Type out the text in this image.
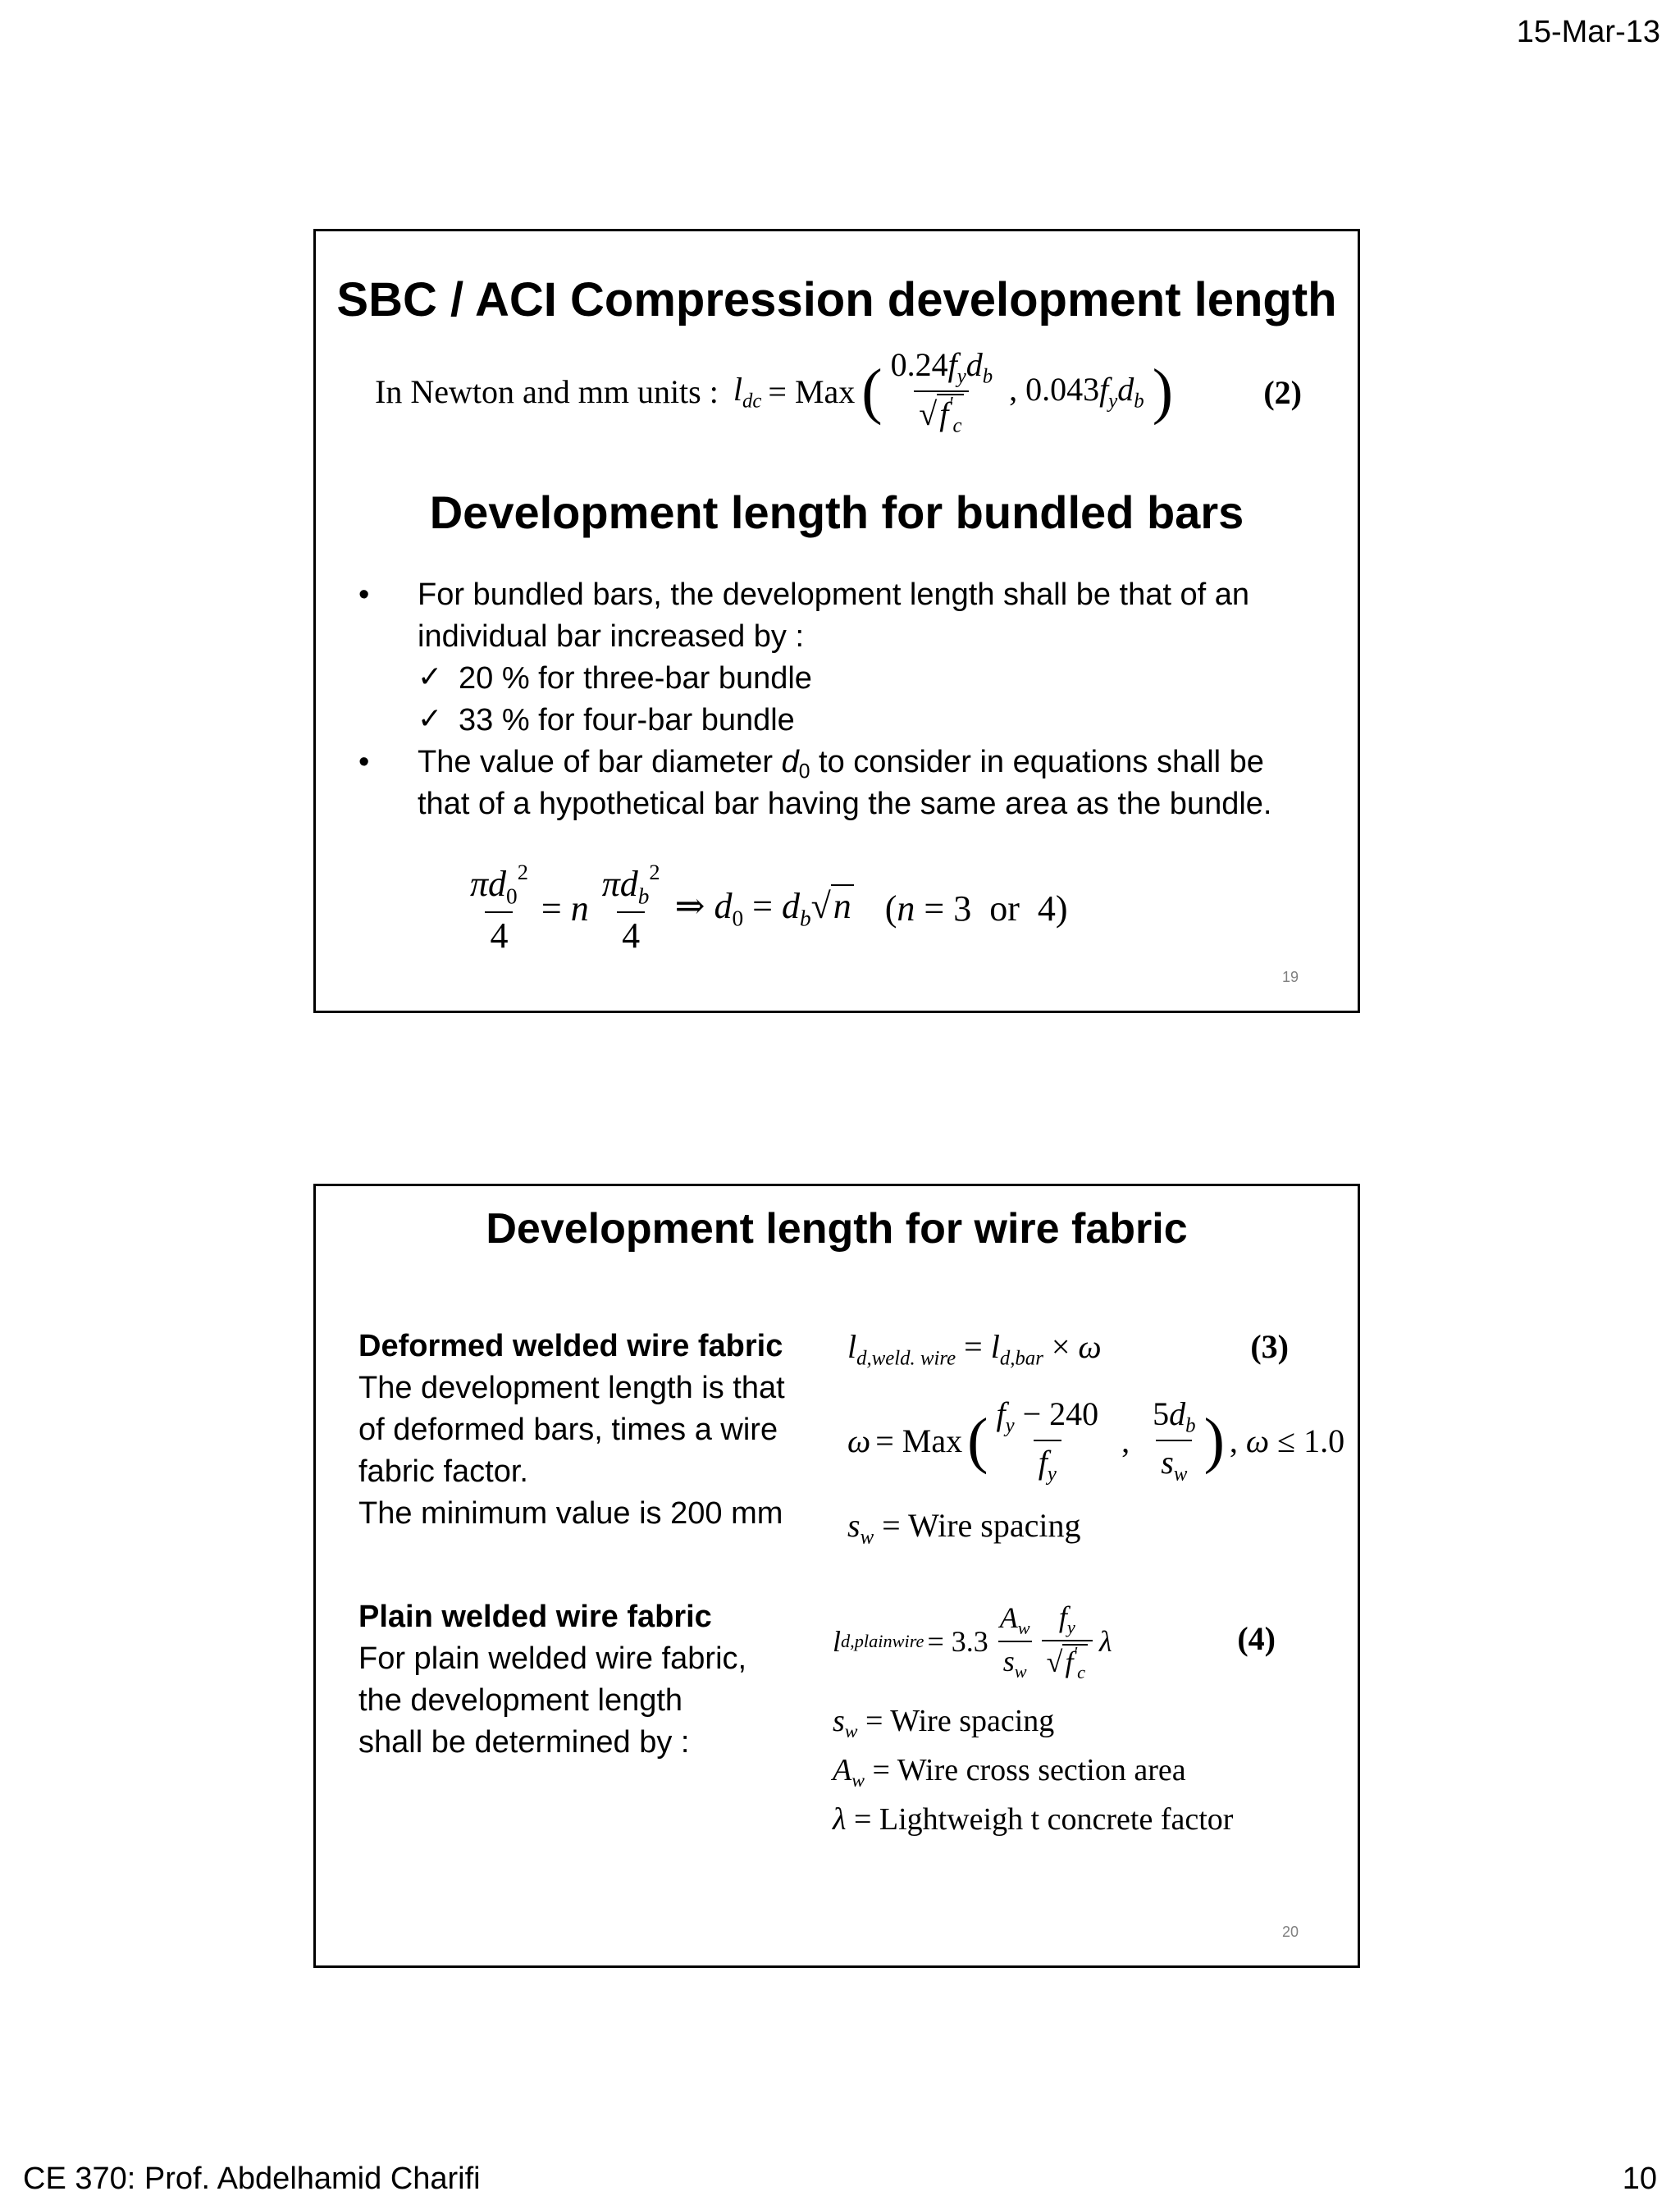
15-Mar-13
SBC / ACI Compression development length
In Newton and mm units : $l_{dc}$ = Max ( $\frac{0.24f_yd_b}{√f'_c}$ , $0.043f_yd_b$ )	(2)
Development length for bundled bars
• For bundled bars, the development length shall be that of an
individual bar increased by :
✓ 20 % for three-bar bundle
✓ 33 % for four-bar bundle
• The value of bar diameter d0 to consider in equations shall be
that of a hypothetical bar having the same area as the bundle.
$\frac{\pi d_0^2}{4} = n \frac{\pi d_b^2}{4}$ ⇒ $d_0 = d_b√n$ (n = 3  or  4)
19
Development length for wire fabric
Deformed welded wire fabric
The development length is that
of deformed bars, times a wire
fabric factor.
The minimum value is 200 mm
$l_{d,weld. wire} = l_{d,bar} \times \omega$	(3)
ω = Max ( $\frac{f_y - 240}{f_y}$ , $\frac{5d_b}{s_w}$ ) , ω ≤ 1.0
$s_w$ = Wire spacing
Plain welded wire fabric
For plain welded wire fabric,
the development length
shall be determined by :
l d,plainwire = $3.3 \frac{A_w}{s_w} \frac{f_y}{√f'_c}$ λ	(4)
$s_w$ = Wire spacing
$A_w$ = Wire cross section area
λ = Lightweigh t concrete factor
20
CE 370: Prof. Abdelhamid Charifi	10
